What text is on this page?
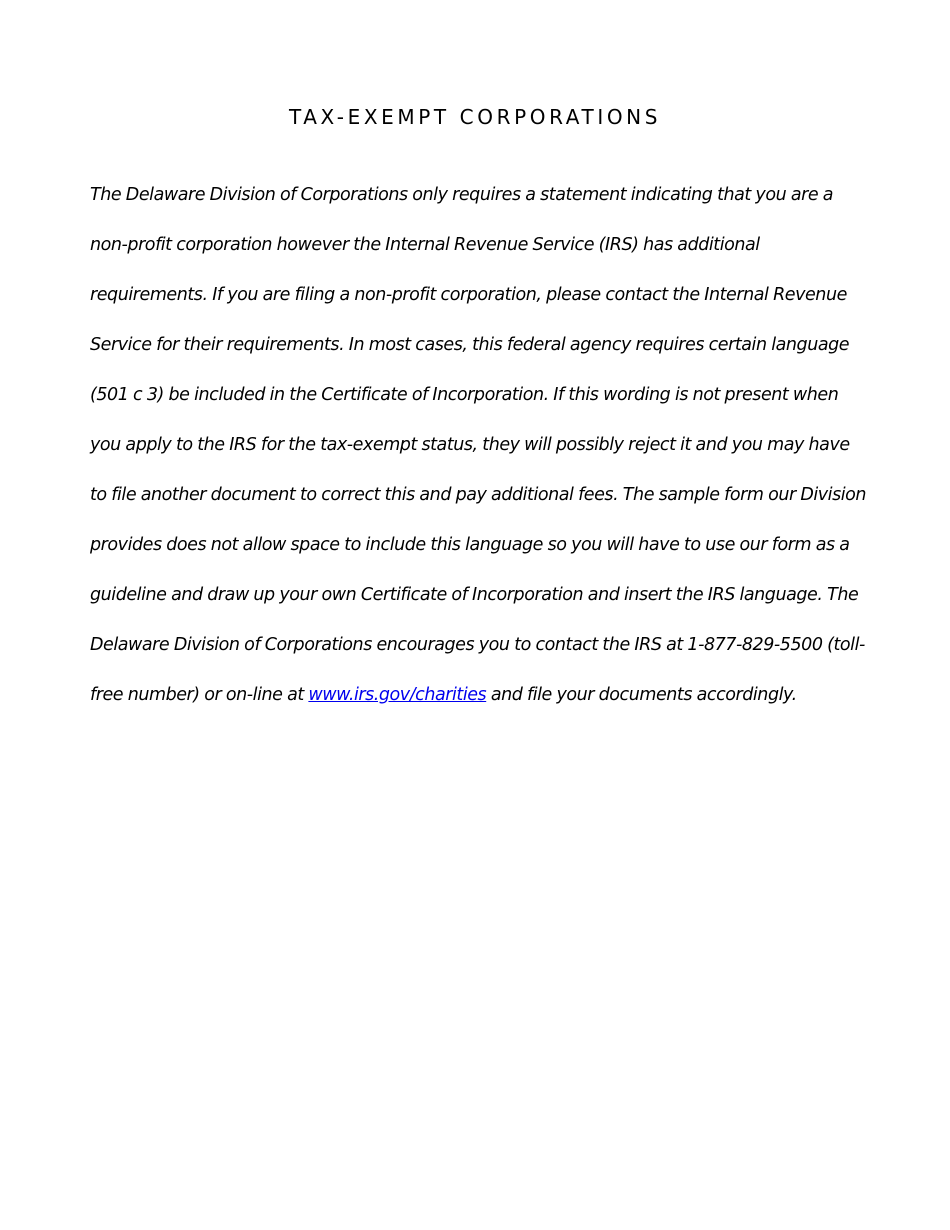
TAX-EXEMPT CORPORATIONS

The Delaware Division of Corporations only requires a statement indicating that you are a non-profit corporation however the Internal Revenue Service (IRS) has additional requirements. If you are filing a non-profit corporation, please contact the Internal Revenue Service for their requirements. In most cases, this federal agency requires certain language (501 c 3) be included in the Certificate of Incorporation. If this wording is not present when you apply to the IRS for the tax-exempt status, they will possibly reject it and you may have to file another document to correct this and pay additional fees. The sample form our Division provides does not allow space to include this language so you will have to use our form as a guideline and draw up your own Certificate of Incorporation and insert the IRS language. The Delaware Division of Corporations encourages you to contact the IRS at 1-877-829-5500 (toll-free number) or on-line at www.irs.gov/charities and file your documents accordingly.
